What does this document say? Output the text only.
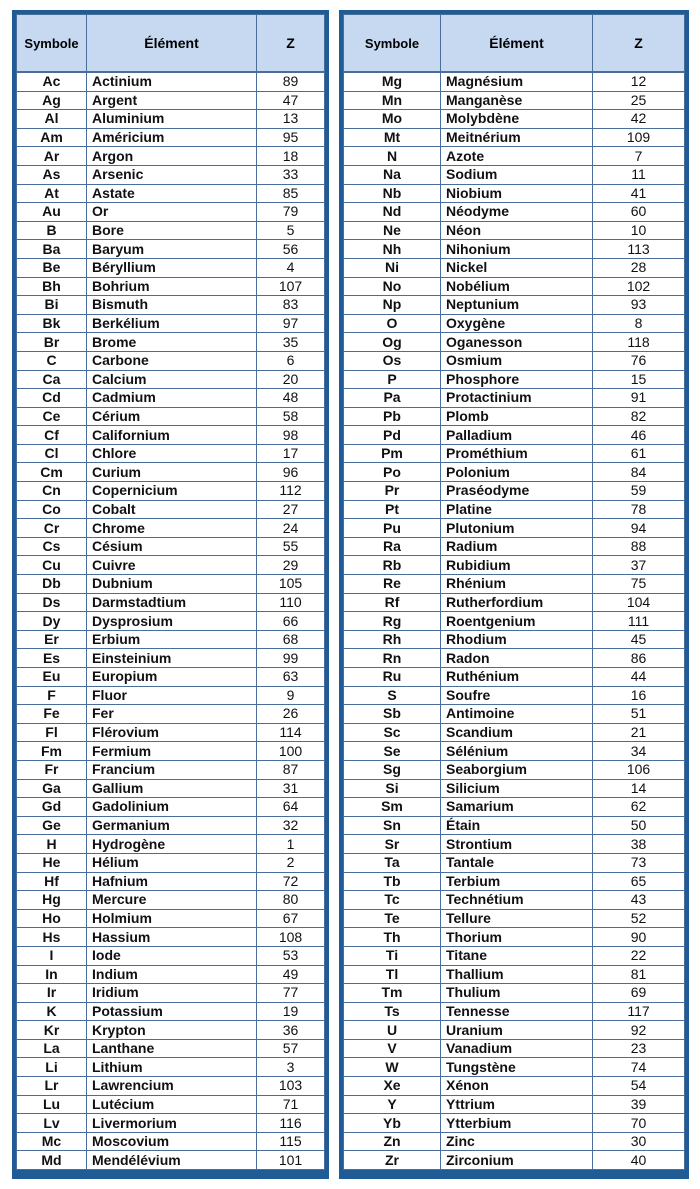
Symbole	Élément	Z
Ac	Actinium	89
Ag	Argent	47
Al	Aluminium	13
Am	Américium	95
Ar	Argon	18
As	Arsenic	33
At	Astate	85
Au	Or	79
B	Bore	5
Ba	Baryum	56
Be	Béryllium	4
Bh	Bohrium	107
Bi	Bismuth	83
Bk	Berkélium	97
Br	Brome	35
C	Carbone	6
Ca	Calcium	20
Cd	Cadmium	48
Ce	Cérium	58
Cf	Californium	98
Cl	Chlore	17
Cm	Curium	96
Cn	Copernicium	112
Co	Cobalt	27
Cr	Chrome	24
Cs	Césium	55
Cu	Cuivre	29
Db	Dubnium	105
Ds	Darmstadtium	110
Dy	Dysprosium	66
Er	Erbium	68
Es	Einsteinium	99
Eu	Europium	63
F	Fluor	9
Fe	Fer	26
Fl	Flérovium	114
Fm	Fermium	100
Fr	Francium	87
Ga	Gallium	31
Gd	Gadolinium	64
Ge	Germanium	32
H	Hydrogène	1
He	Hélium	2
Hf	Hafnium	72
Hg	Mercure	80
Ho	Holmium	67
Hs	Hassium	108
I	Iode	53
In	Indium	49
Ir	Iridium	77
K	Potassium	19
Kr	Krypton	36
La	Lanthane	57
Li	Lithium	3
Lr	Lawrencium	103
Lu	Lutécium	71
Lv	Livermorium	116
Mc	Moscovium	115
Md	Mendélévium	101
Symbole	Élément	Z
Mg	Magnésium	12
Mn	Manganèse	25
Mo	Molybdène	42
Mt	Meitnérium	109
N	Azote	7
Na	Sodium	11
Nb	Niobium	41
Nd	Néodyme	60
Ne	Néon	10
Nh	Nihonium	113
Ni	Nickel	28
No	Nobélium	102
Np	Neptunium	93
O	Oxygène	8
Og	Oganesson	118
Os	Osmium	76
P	Phosphore	15
Pa	Protactinium	91
Pb	Plomb	82
Pd	Palladium	46
Pm	Prométhium	61
Po	Polonium	84
Pr	Praséodyme	59
Pt	Platine	78
Pu	Plutonium	94
Ra	Radium	88
Rb	Rubidium	37
Re	Rhénium	75
Rf	Rutherfordium	104
Rg	Roentgenium	111
Rh	Rhodium	45
Rn	Radon	86
Ru	Ruthénium	44
S	Soufre	16
Sb	Antimoine	51
Sc	Scandium	21
Se	Sélénium	34
Sg	Seaborgium	106
Si	Silicium	14
Sm	Samarium	62
Sn	Étain	50
Sr	Strontium	38
Ta	Tantale	73
Tb	Terbium	65
Tc	Technétium	43
Te	Tellure	52
Th	Thorium	90
Ti	Titane	22
Tl	Thallium	81
Tm	Thulium	69
Ts	Tennesse	117
U	Uranium	92
V	Vanadium	23
W	Tungstène	74
Xe	Xénon	54
Y	Yttrium	39
Yb	Ytterbium	70
Zn	Zinc	30
Zr	Zirconium	40
